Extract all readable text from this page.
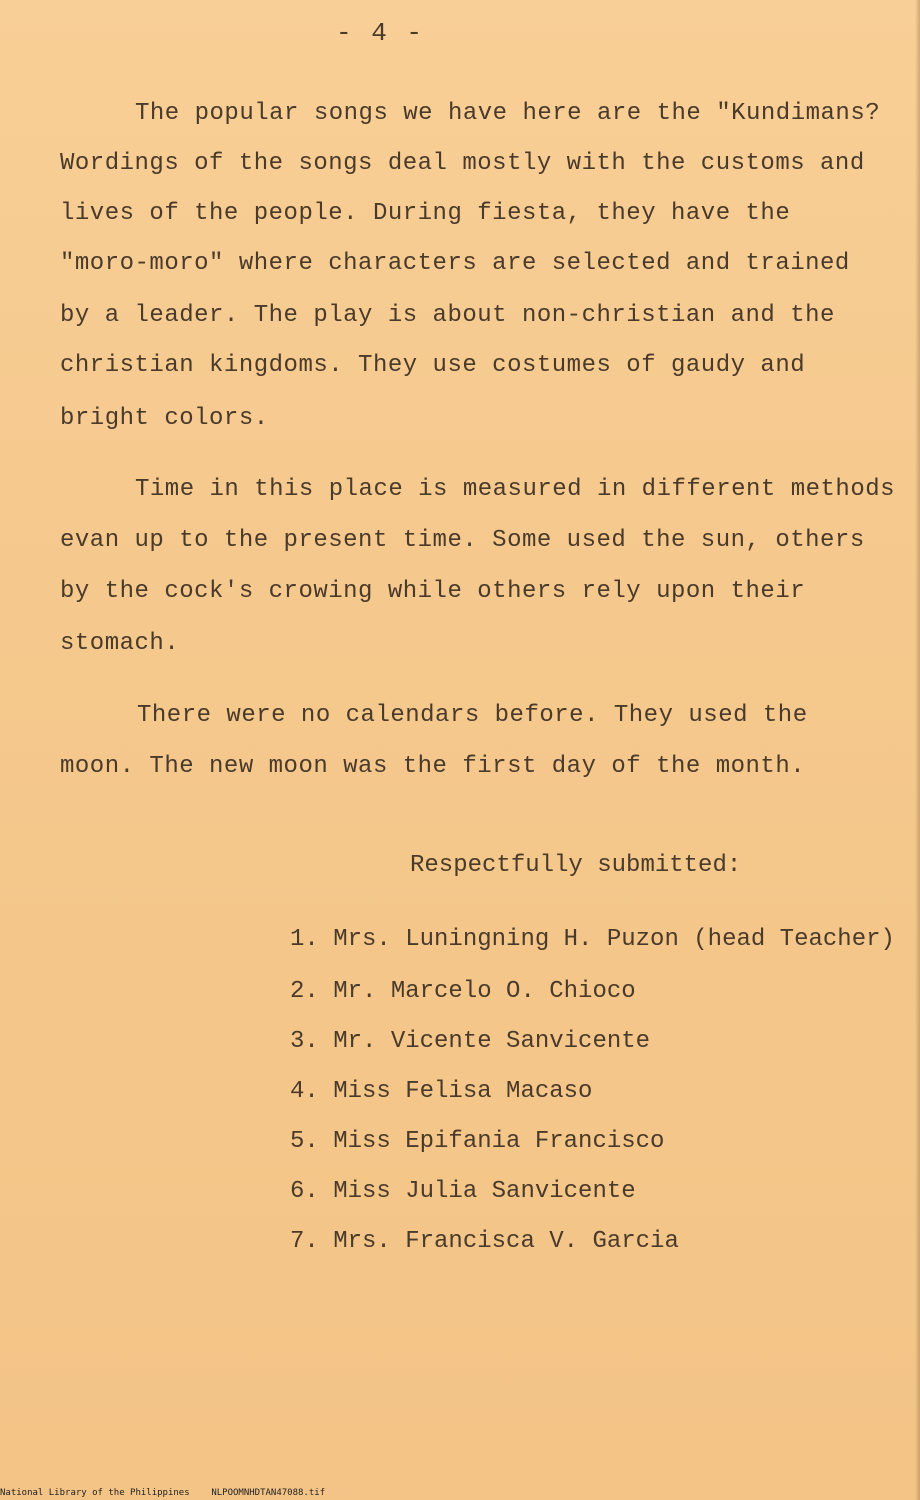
- 4 -
The popular songs we have here are the "Kundimans?
Wordings of the songs deal mostly with the customs and
lives of the people. During fiesta, they have the
"moro-moro" where characters are selected and trained
by a leader. The play is about non-christian and the
christian kingdoms. They use costumes of gaudy and
bright colors.
Time in this place is measured in different methods
evan up to the present time. Some used the sun, others
by the cock's crowing while others rely upon their
stomach.
There were no calendars before. They used the
moon. The new moon was the first day of the month.
Respectfully submitted:
1. Mrs. Luningning H. Puzon (head Teacher)
2. Mr. Marcelo O. Chioco
3. Mr. Vicente Sanvicente
4. Miss Felisa Macaso
5. Miss Epifania Francisco
6. Miss Julia Sanvicente
7. Mrs. Francisca V. Garcia
National Library of the Philippines    NLPOOMNHDTAN47088.tif
